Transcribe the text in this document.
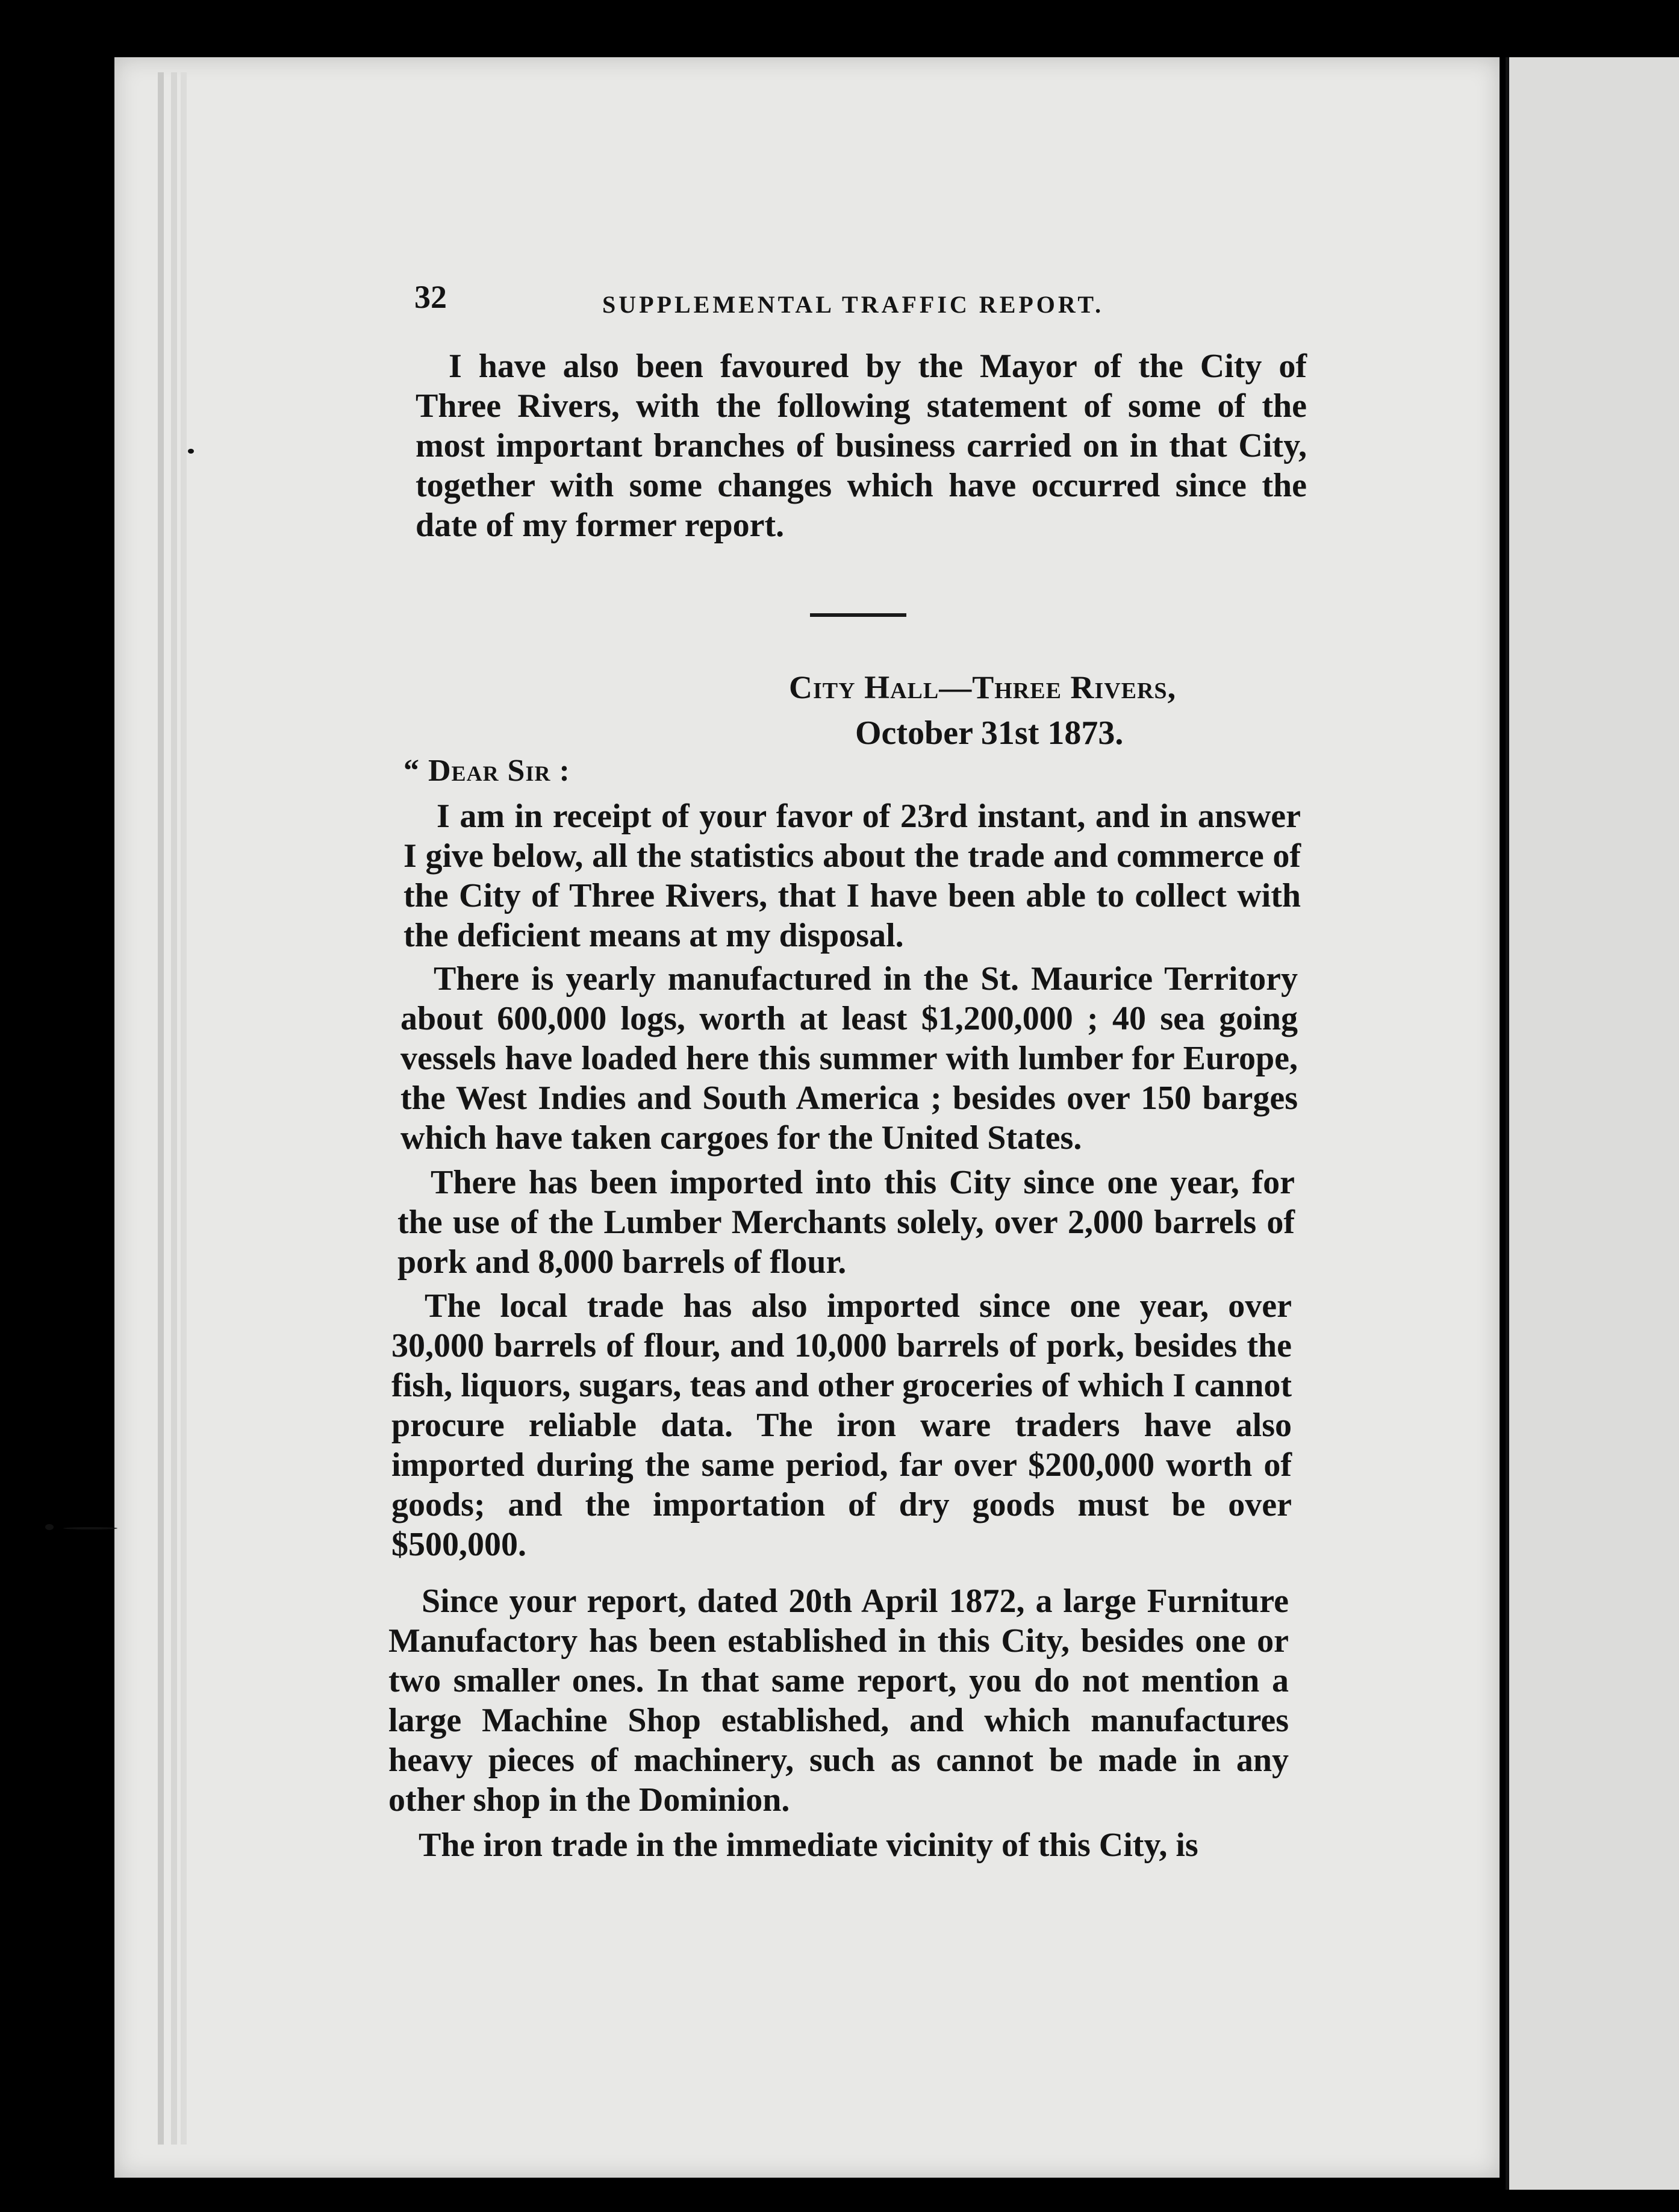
32	SUPPLEMENTAL TRAFFIC REPORT.

I have also been favoured by the Mayor of the City of Three Rivers, with the following statement of some of the most important branches of business carried on in that City, together with some changes which have occurred since the date of my former report.

City Hall—Three Rivers,
October 31st 1873.
“ Dear Sir :

I am in receipt of your favor of 23rd instant, and in answer I give below, all the statistics about the trade and commerce of the City of Three Rivers, that I have been able to collect with the deficient means at my disposal.

There is yearly manufactured in the St. Maurice Territory about 600,000 logs, worth at least $1,200,000 ; 40 sea going vessels have loaded here this summer with lumber for Europe, the West Indies and South America ; besides over 150 barges which have taken cargoes for the United States.

There has been imported into this City since one year, for the use of the Lumber Merchants solely, over 2,000 barrels of pork and 8,000 barrels of flour.

The local trade has also imported since one year, over 30,000 barrels of flour, and 10,000 barrels of pork, besides the fish, liquors, sugars, teas and other groceries of which I cannot procure reliable data. The iron ware traders have also imported during the same period, far over $200,000 worth of goods; and the importation of dry goods must be over $500,000.

Since your report, dated 20th April 1872, a large Furniture Manufactory has been established in this City, besides one or two smaller ones. In that same report, you do not mention a large Machine Shop established, and which manufactures heavy pieces of machinery, such as cannot be made in any other shop in the Dominion.

The iron trade in the immediate vicinity of this City, is
